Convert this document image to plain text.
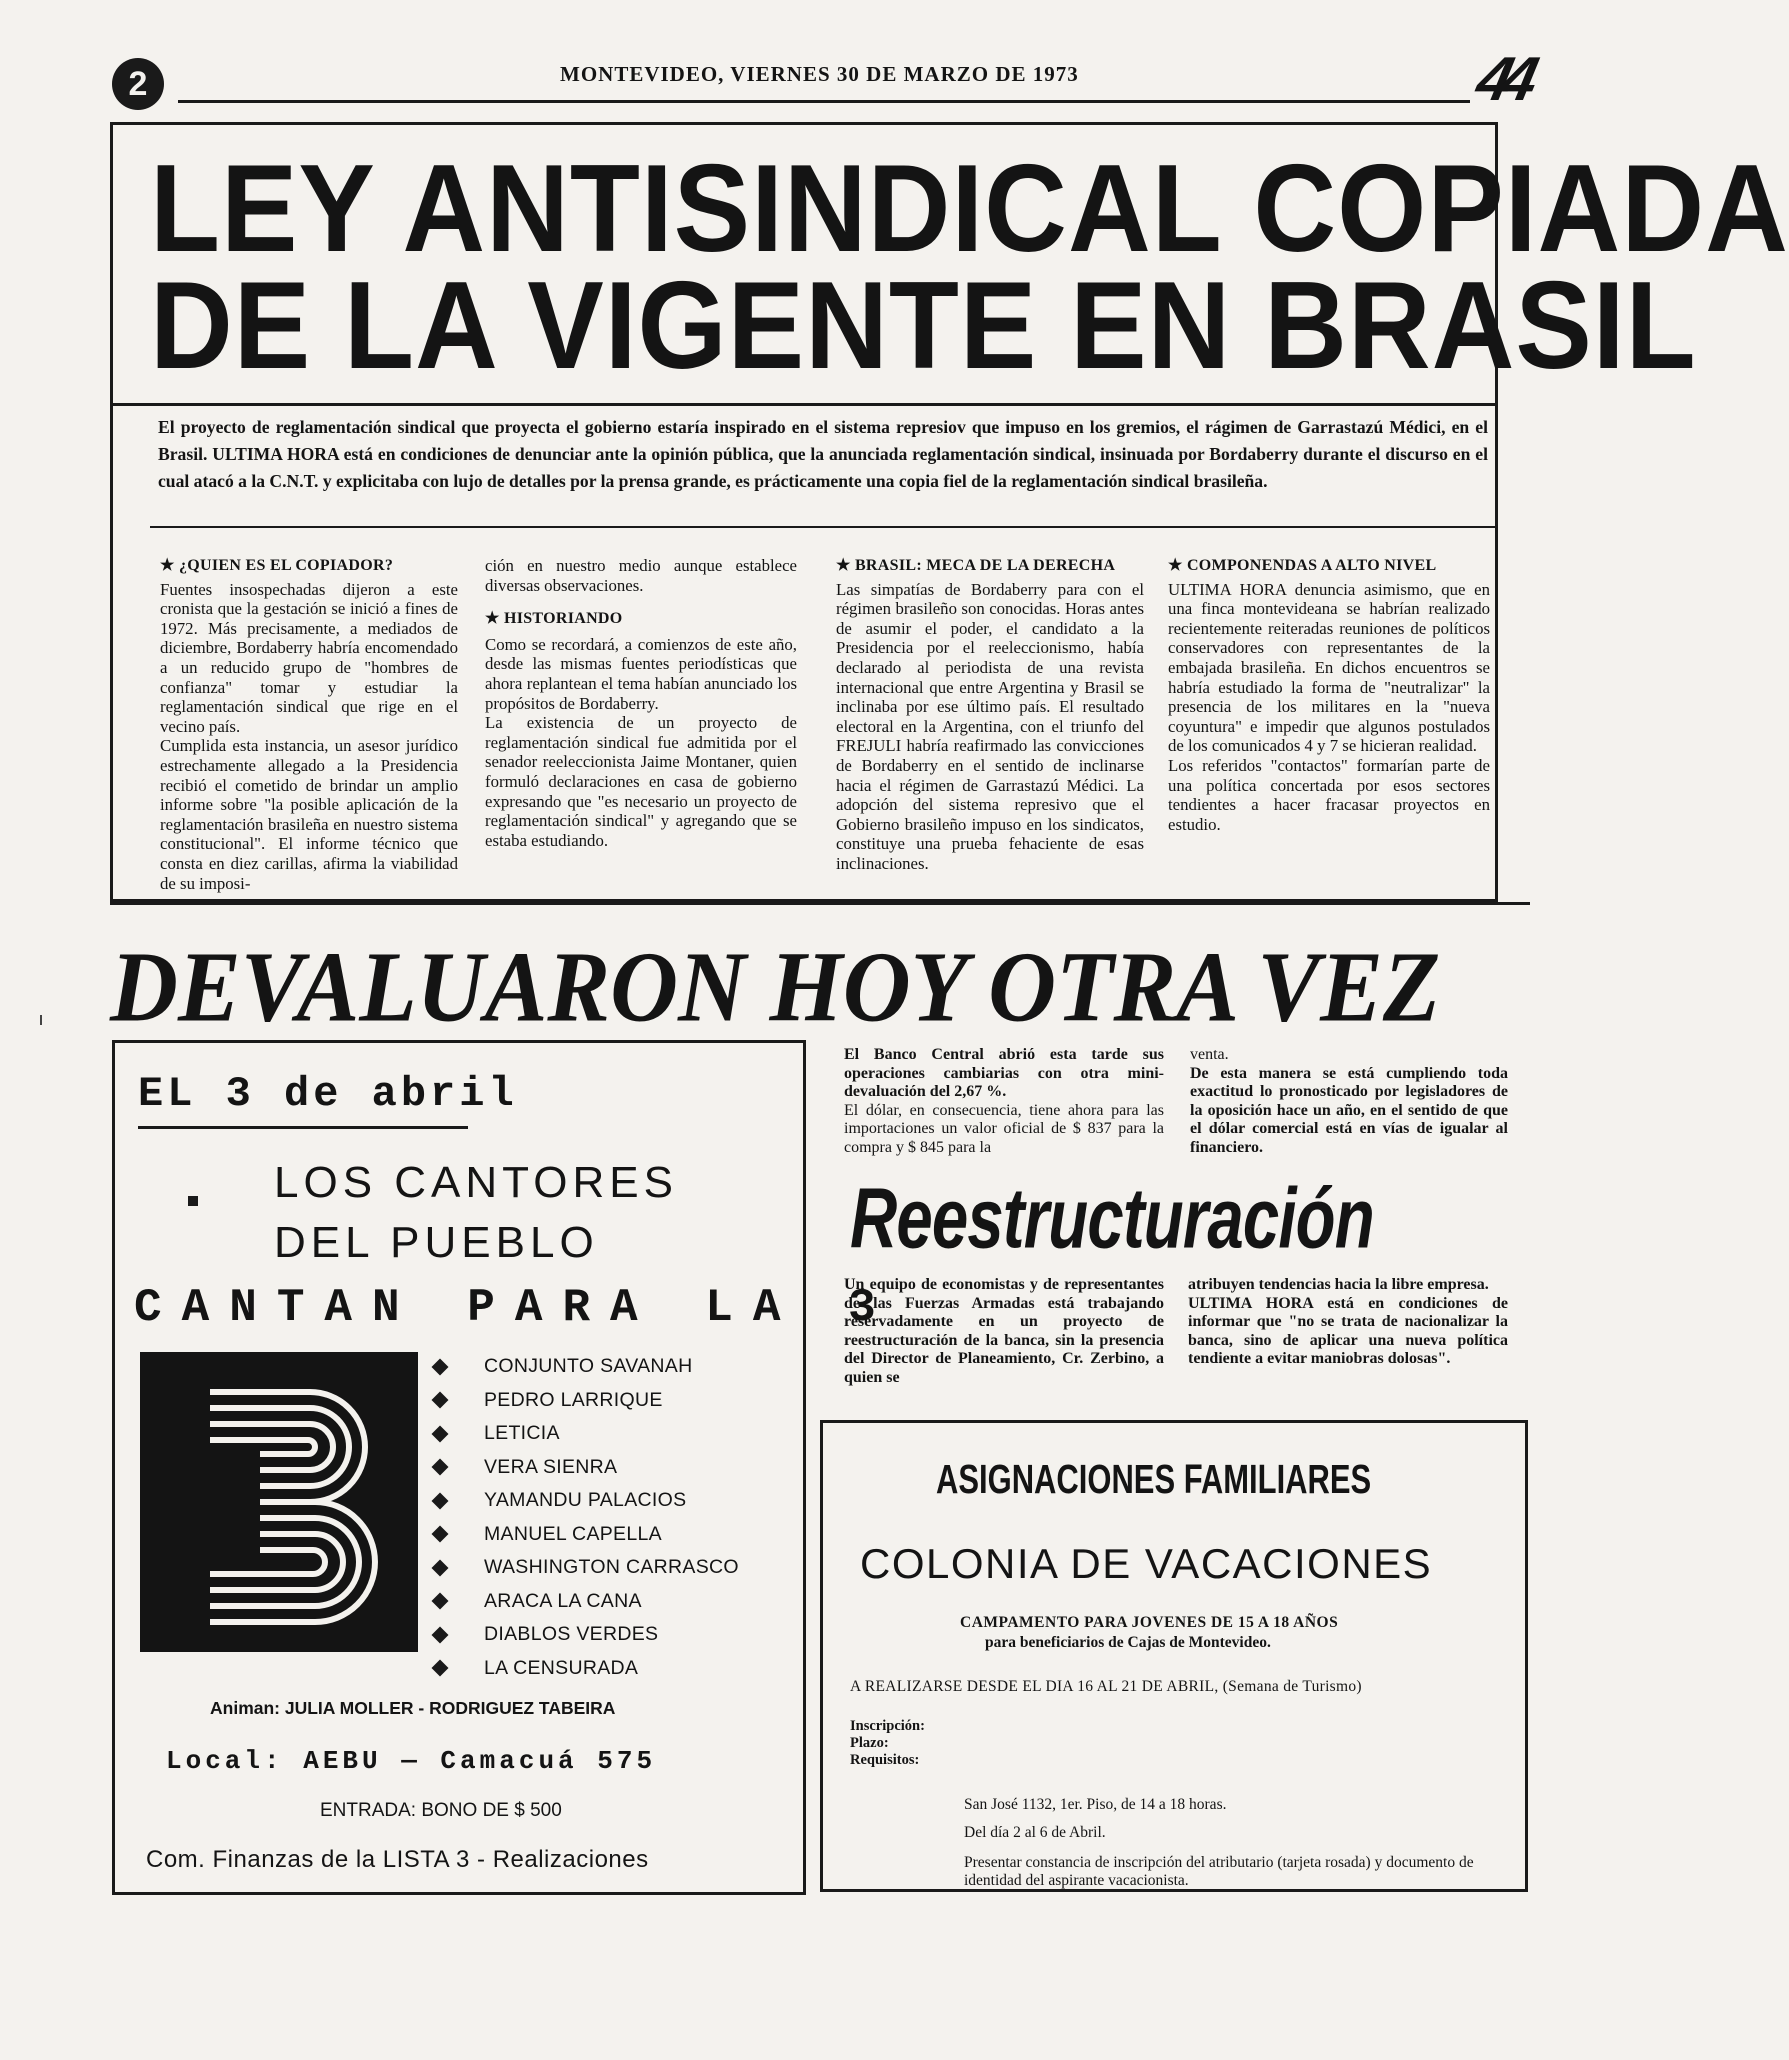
2	MONTEVIDEO, VIERNES 30 DE MARZO DE 1973	44
LEY ANTISINDICAL COPIADA
DE LA VIGENTE EN BRASIL

El proyecto de reglamentación sindical que proyecta el gobierno estaría inspirado en el sistema represiov que impuso en los gremios, el rágimen de Garrastazú Médici, en el Brasil. ULTIMA HORA está en condiciones de denunciar ante la opinión pública, que la anunciada reglamentación sindical, insinuada por Bordaberry durante el discurso en el cual atacó a la C.N.T. y explicitaba con lujo de detalles por la prensa grande, es prácticamente una copia fiel de la reglamentación sindical brasileña.

★ ¿QUIEN ES EL COPIADOR?

Fuentes insospechadas dijeron a este cronista que la gestación se inició a fines de 1972. Más precisamente, a mediados de diciembre, Bordaberry habría encomendado a un reducido grupo de "hombres de confianza" tomar y estudiar la reglamentación sindical que rige en el vecino país.

Cumplida esta instancia, un asesor jurídico estrechamente allegado a la Presidencia recibió el cometido de brindar un amplio informe sobre "la posible aplicación de la reglamentación brasileña en nuestro sistema constitucional". El informe técnico que consta en diez carillas, afirma la viabilidad de su imposi-

ción en nuestro medio aunque establece diversas observaciones.

★ HISTORIANDO

Como se recordará, a comienzos de este año, desde las mismas fuentes periodísticas que ahora replantean el tema habían anunciado los propósitos de Bordaberry.

La existencia de un proyecto de reglamentación sindical fue admitida por el senador reeleccionista Jaime Montaner, quien formuló declaraciones en casa de gobierno expresando que "es necesario un proyecto de reglamentación sindical" y agregando que se estaba estudiando.

★ BRASIL: MECA DE LA DERECHA

Las simpatías de Bordaberry para con el régimen brasileño son conocidas. Horas antes de asumir el poder, el candidato a la Presidencia por el reeleccionismo, había declarado al periodista de una revista internacional que entre Argentina y Brasil se inclinaba por ese último país. El resultado electoral en la Argentina, con el triunfo del FREJULI habría reafirmado las convicciones de Bordaberry en el sentido de inclinarse hacia el régimen de Garrastazú Médici. La adopción del sistema represivo que el Gobierno brasileño impuso en los sindicatos, constituye una prueba fehaciente de esas inclinaciones.

★ COMPONENDAS A ALTO NIVEL

ULTIMA HORA denuncia asimismo, que en una finca montevideana se habrían realizado recientemente reiteradas reuniones de políticos conservadores con representantes de la embajada brasileña. En dichos encuentros se habría estudiado la forma de "neutralizar" la presencia de los militares en la "nueva coyuntura" e impedir que algunos postulados de los comunicados 4 y 7 se hicieran realidad.

Los referidos "contactos" formarían parte de una política concertada por esos sectores tendientes a hacer fracasar proyectos en estudio.

DEVALUARON HOY OTRA VEZ

El Banco Central abrió esta tarde sus operaciones cambiarias con otra mini-devaluación del 2,67 %.

El dólar, en consecuencia, tiene ahora para las importaciones un valor oficial de $ 837 para la compra y $ 845 para la

venta.

De esta manera se está cumpliendo toda exactitud lo pronosticado por legisladores de la oposición hace un año, en el sentido de que el dólar comercial está en vías de igualar al financiero.

Reestructuración

Un equipo de economistas y de representantes de las Fuerzas Armadas está trabajando reservadamente en un proyecto de reestructuración de la banca, sin la presencia del Director de Planeamiento, Cr. Zerbino, a quien se

atribuyen tendencias hacia la libre empresa.

ULTIMA HORA está en condiciones de informar que "no se trata de nacionalizar la banca, sino de aplicar una nueva política tendiente a evitar maniobras dolosas".

EL 3 de abril
LOS CANTORES
DEL PUEBLO
CANTAN PARA LA 3
CONJUNTO SAVANAH
PEDRO LARRIQUE
LETICIA
VERA SIENRA
YAMANDU PALACIOS
MANUEL CAPELLA
WASHINGTON CARRASCO
ARACA LA CANA
DIABLOS VERDES
LA CENSURADA
Animan: JULIA MOLLER - RODRIGUEZ TABEIRA
Local: AEBU — Camacuá 575
ENTRADA: BONO DE $ 500
Com. Finanzas de la LISTA 3 - Realizaciones
ASIGNACIONES FAMILIARES
COLONIA DE VACACIONES
CAMPAMENTO PARA JOVENES DE 15 A 18 AÑOS
para beneficiarios de Cajas de Montevideo.
A REALIZARSE DESDE EL DIA 16 AL 21 DE ABRIL, (Semana de Turismo)
Inscripción:
Plazo:
Requisitos:
San José 1132, 1er. Piso, de 14 a 18 horas.
Del día 2 al 6 de Abril.
Presentar constancia de inscripción del atributario (tarjeta rosada) y documento de identidad del aspirante vacacionista.
